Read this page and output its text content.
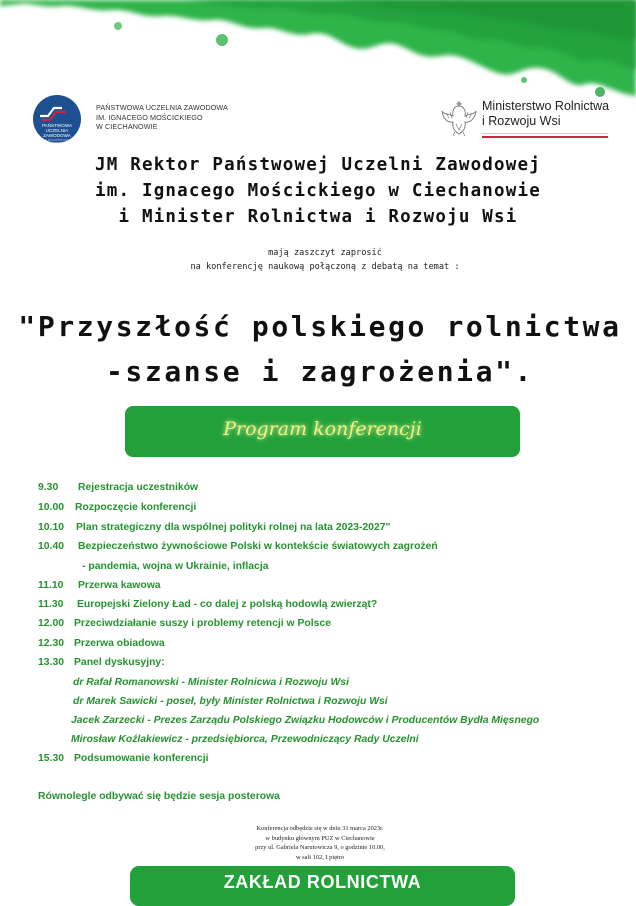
PAŃSTWOWA
UCZELNIA
ZAWODOWA
im. Ignacego Mościckiego
w Ciechanowie
PAŃSTWOWA UCZELNIA ZAWODOWA
IM. IGNACEGO MOŚCICKIEGO
W CIECHANOWIE
Ministerstwo Rolnictwa
i Rozwoju Wsi
JM Rektor Państwowej Uczelni Zawodowej
im. Ignacego Mościckiego w Ciechanowie
i Minister Rolnictwa i Rozwoju Wsi
mają zaszczyt zaprosić
na konferencję naukową połączoną z debatą na temat :
"Przyszłość polskiego rolnictwa
-szanse i zagrożenia".
Program konferencji
9.30 Rejestracja uczestników
10.00 Rozpoczęcie konferencji
10.10 Plan strategiczny dla wspólnej polityki rolnej na lata 2023-2027"
10.40 Bezpieczeństwo żywnościowe Polski w kontekście światowych zagrożeń
- pandemia, wojna w Ukrainie, inflacja
11.10 Przerwa kawowa
11.30 Europejski Zielony Ład - co dalej z polską hodowlą zwierząt?
12.00 Przeciwdziałanie suszy i problemy retencji w Polsce
12.30 Przerwa obiadowa
13.30 Panel dyskusyjny:
dr Rafał Romanowski - Minister Rolnicwa i Rozwoju Wsi
dr Marek Sawicki - poseł, były Minister Rolnictwa i Rozwoju Wsi
Jacek Zarzecki - Prezes Zarządu Polskiego Związku Hodowców i Producentów Bydła Mięsnego
Mirosław Koźlakiewicz - przedsiębiorca, Przewodniczący Rady Uczelni
15.30 Podsumowanie konferencji
Równolegle odbywać się będzie sesja posterowa
Konferencja odbędzie się w dniu 31 marca 2023r.
w budynku głównym PUZ w Ciechanowie
przy ul. Gabriela Narutowicza 9, o godzinie 10.00,
w sali 102, I piętro
ZAKŁAD ROLNICTWA
